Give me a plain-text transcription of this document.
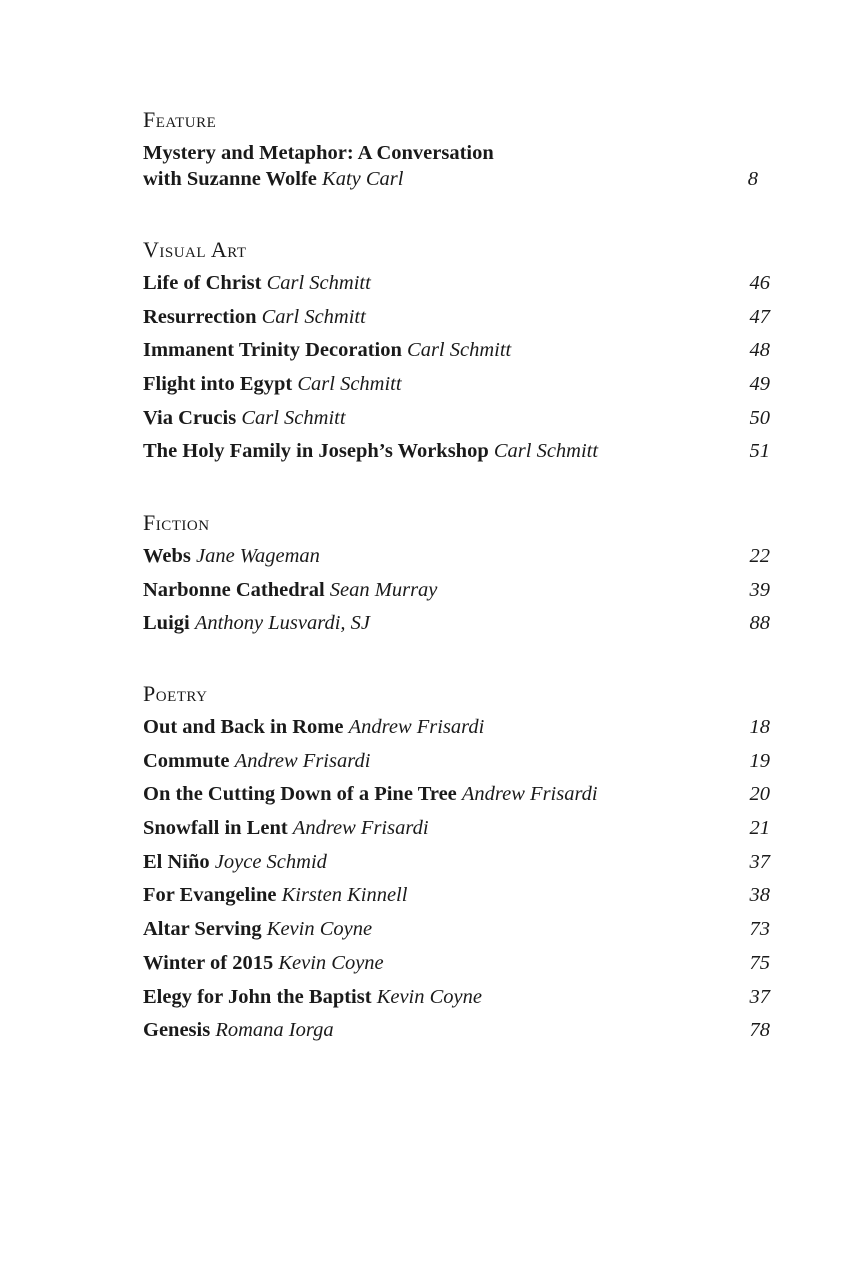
Feature
Mystery and Metaphor: A Conversation
with Suzanne Wolfe Katy Carl	8
Visual Art
Life of Christ Carl Schmitt	46
Resurrection Carl Schmitt	47
Immanent Trinity Decoration Carl Schmitt	48
Flight into Egypt Carl Schmitt	49
Via Crucis Carl Schmitt	50
The Holy Family in Joseph’s Workshop Carl Schmitt	51
Fiction
Webs Jane Wageman	22
Narbonne Cathedral Sean Murray	39
Luigi Anthony Lusvardi, SJ	88
Poetry
Out and Back in Rome Andrew Frisardi	18
Commute Andrew Frisardi	19
On the Cutting Down of a Pine Tree Andrew Frisardi	20
Snowfall in Lent Andrew Frisardi	21
El Niño Joyce Schmid	37
For Evangeline Kirsten Kinnell	38
Altar Serving Kevin Coyne	73
Winter of 2015 Kevin Coyne	75
Elegy for John the Baptist Kevin Coyne	37
Genesis Romana Iorga	78
